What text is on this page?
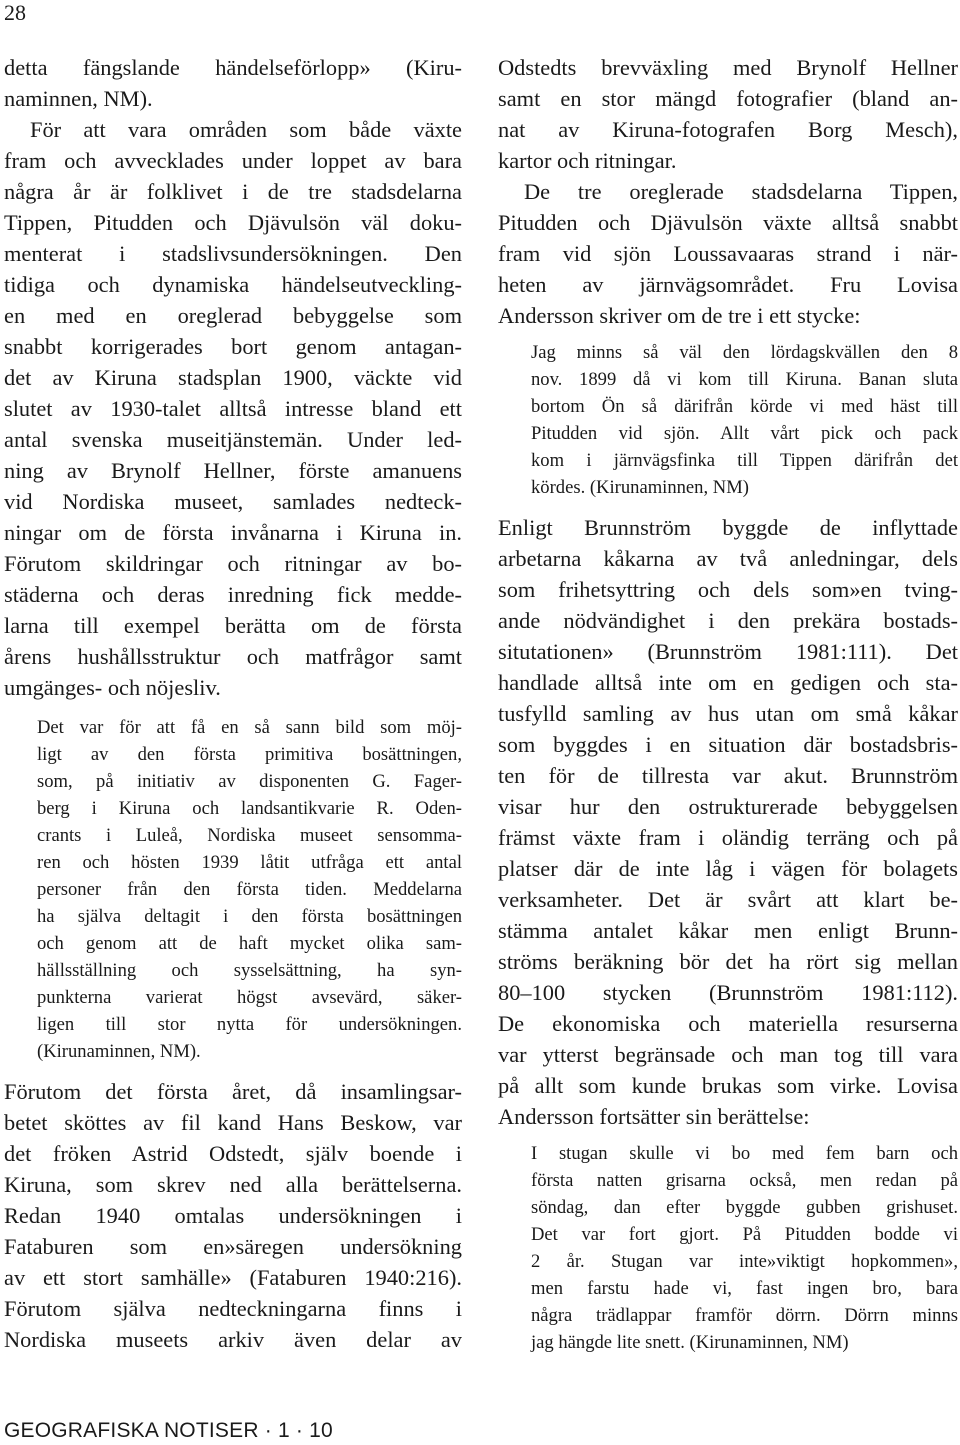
28
detta fängslande händelseförlopp» (Kiru-
naminnen, NM).
För att vara områden som både växte
fram och avvecklades under loppet av bara
några år är folklivet i de tre stadsdelarna
Tippen, Pitudden och Djävulsön väl doku-
menterat i stadslivsundersökningen. Den
tidiga och dynamiska händelseutveckling-
en med en oreglerad bebyggelse som
snabbt korrigerades bort genom antagan-
det av Kiruna stadsplan 1900, väckte vid
slutet av 1930-talet alltså intresse bland ett
antal svenska museitjänstemän. Under led-
ning av Brynolf Hellner, förste amanuens
vid Nordiska museet, samlades nedteck-
ningar om de första invånarna i Kiruna in.
Förutom skildringar och ritningar av bo-
städerna och deras inredning fick medde-
larna till exempel berätta om de första
årens hushållsstruktur och matfrågor samt
umgänges- och nöjesliv.
Det var för att få en så sann bild som möj-
ligt av den första primitiva bosättningen,
som, på initiativ av disponenten G. Fager-
berg i Kiruna och landsantikvarie R. Oden-
crants i Luleå, Nordiska museet sensomma-
ren och hösten 1939 låtit utfråga ett antal
personer från den första tiden. Meddelarna
ha själva deltagit i den första bosättningen
och genom att de haft mycket olika sam-
hällsställning och sysselsättning, ha syn-
punkterna varierat högst avsevärd, säker-
ligen till stor nytta för undersökningen.
(Kirunaminnen, NM).
Förutom det första året, då insamlingsar-
betet sköttes av fil kand Hans Beskow, var
det fröken Astrid Odstedt, själv boende i
Kiruna, som skrev ned alla berättelserna.
Redan 1940 omtalas undersökningen i
Fataburen som en»säregen undersökning
av ett stort samhälle» (Fataburen 1940:216).
Förutom själva nedteckningarna finns i
Nordiska museets arkiv även delar av
Odstedts brevväxling med Brynolf Hellner
samt en stor mängd fotografier (bland an-
nat av Kiruna-fotografen Borg Mesch),
kartor och ritningar.
De tre oreglerade stadsdelarna Tippen,
Pitudden och Djävulsön växte alltså snabbt
fram vid sjön Loussavaaras strand i när-
heten av järnvägsområdet. Fru Lovisa
Andersson skriver om de tre i ett stycke:
Jag minns så väl den lördagskvällen den 8
nov. 1899 då vi kom till Kiruna. Banan sluta
bortom Ön så därifrån körde vi med häst till
Pitudden vid sjön. Allt vårt pick och pack
kom i järnvägsfinka till Tippen därifrån det
kördes. (Kirunaminnen, NM)
Enligt Brunnström byggde de inflyttade
arbetarna kåkarna av två anledningar, dels
som frihetsyttring och dels som»en tving-
ande nödvändighet i den prekära bostads-
situtationen» (Brunnström 1981:111). Det
handlade alltså inte om en gedigen och sta-
tusfylld samling av hus utan om små kåkar
som byggdes i en situation där bostadsbris-
ten för de tillresta var akut. Brunnström
visar hur den ostrukturerade bebyggelsen
främst växte fram i oländig terräng och på
platser där de inte låg i vägen för bolagets
verksamheter. Det är svårt att klart be-
stämma antalet kåkar men enligt Brunn-
ströms beräkning bör det ha rört sig mellan
80–100 stycken (Brunnström 1981:112).
De ekonomiska och materiella resurserna
var ytterst begränsade och man tog till vara
på allt som kunde brukas som virke. Lovisa
Andersson fortsätter sin berättelse:
I stugan skulle vi bo med fem barn och
första natten grisarna också, men redan på
söndag, dan efter byggde gubben grishuset.
Det var fort gjort. På Pitudden bodde vi
2 år. Stugan var inte»viktigt hopkommen»,
men farstu hade vi, fast ingen bro, bara
några trädlappar framför dörrn. Dörrn minns
jag hängde lite snett. (Kirunaminnen, NM)
GEOGRAFISKA NOTISER · 1 · 10
